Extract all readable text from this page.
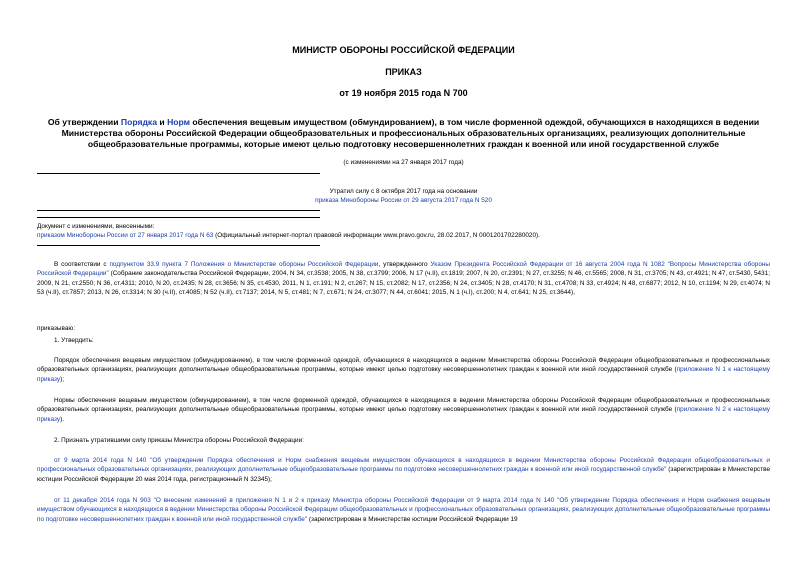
МИНИСТР ОБОРОНЫ РОССИЙСКОЙ ФЕДЕРАЦИИ
ПРИКАЗ
от 19 ноября 2015 года N 700
Об утверждении Порядка и Норм обеспечения вещевым имуществом (обмундированием), в том числе форменной одеждой, обучающихся в находящихся в ведении Министерства обороны Российской Федерации общеобразовательных и профессиональных образовательных организациях, реализующих дополнительные общеобразовательные программы, которые имеют целью подготовку несовершеннолетних граждан к военной или иной государственной службе
(с изменениями на 27 января 2017 года)
Утратил силу с 8 октября 2017 года на основании
приказа Минобороны России от 29 августа 2017 года N 520
Документ с изменениями, внесенными:
приказом Минобороны России от 27 января 2017 года N 63 (Официальный интернет-портал правовой информации www.pravo.gov.ru, 28.02.2017, N 0001201702280020).
В соответствии с подпунктом 33.9 пункта 7 Положения о Министерстве обороны Российской Федерации, утвержденного Указом Президента Российской Федерации от 16 августа 2004 года N 1082 "Вопросы Министерства обороны Российской Федерации" (Собрание законодательства Российской Федерации, 2004, N 34, ст.3538; 2005, N 38, ст.3799; 2006, N 17 (ч.II), ст.1819; 2007, N 20, ст.2391; N 27, ст.3255; N 46, ст.5565; 2008, N 31, ст.3705; N 43, ст.4921; N 47, ст.5430, 5431; 2009, N 21, ст.2550; N 36, ст.4311; 2010, N 20, ст.2435; N 28, ст.3656; N 35, ст.4530, 2011, N 1, ст.191; N 2, ст.267; N 15, ст.2082; N 17, ст.2356; N 24, ст.3405; N 28, ст.4170; N 31, ст.4708; N 33, ст.4924; N 48, ст.6877; 2012, N 10, ст.1194; N 29, ст.4074; N 53 (ч.II), ст.7857; 2013, N 26, ст.3314; N 30 (ч.II), ст.4085; N 52 (ч.II), ст.7137; 2014, N 5, ст.481; N 7, ст.671; N 24, ст.3077; N 44, ст.6041; 2015, N 1 (ч.I), ст.200; N 4, ст.641; N 25, ст.3644),
приказываю:
1. Утвердить:
Порядок обеспечения вещевым имуществом (обмундированием), в том числе форменной одеждой, обучающихся в находящихся в ведении Министерства обороны Российской Федерации общеобразовательных и профессиональных образовательных организациях, реализующих дополнительные общеобразовательные программы, которые имеют целью подготовку несовершеннолетних граждан к военной или иной государственной службе (приложение N 1 к настоящему приказу);
Нормы обеспечения вещевым имуществом (обмундированием), в том числе форменной одеждой, обучающихся в находящихся в ведении Министерства обороны Российской Федерации общеобразовательных и профессиональных образовательных организациях, реализующих дополнительные общеобразовательные программы, которые имеют целью подготовку несовершеннолетних граждан к военной или иной государственной службе (приложение N 2 к настоящему приказу).
2. Признать утратившими силу приказы Министра обороны Российской Федерации:
от 9 марта 2014 года N 140 "Об утверждении Порядка обеспечения и Норм снабжения вещевым имуществом обучающихся в находящихся в ведении Министерства обороны Российской Федерации общеобразовательных и профессиональных образовательных организациях, реализующих дополнительные общеобразовательные программы по подготовке несовершеннолетних граждан к военной или иной государственной службе" (зарегистрирован в Министерстве юстиции Российской Федерации 20 мая 2014 года, регистрационный N 32345);
от 11 декабря 2014 года N 903 "О внесении изменений в приложения N 1 и 2 к приказу Министра обороны Российской Федерации от 9 марта 2014 года N 140 "Об утверждении Порядка обеспечения и Норм снабжения вещевым имуществом обучающихся в находящихся в ведении Министерства обороны Российской Федерации общеобразовательных и профессиональных образовательных организациях, реализующих дополнительные общеобразовательные программы по подготовке несовершеннолетних граждан к военной или иной государственной службе" (зарегистрирован в Министерстве юстиции Российской Федерации 19
